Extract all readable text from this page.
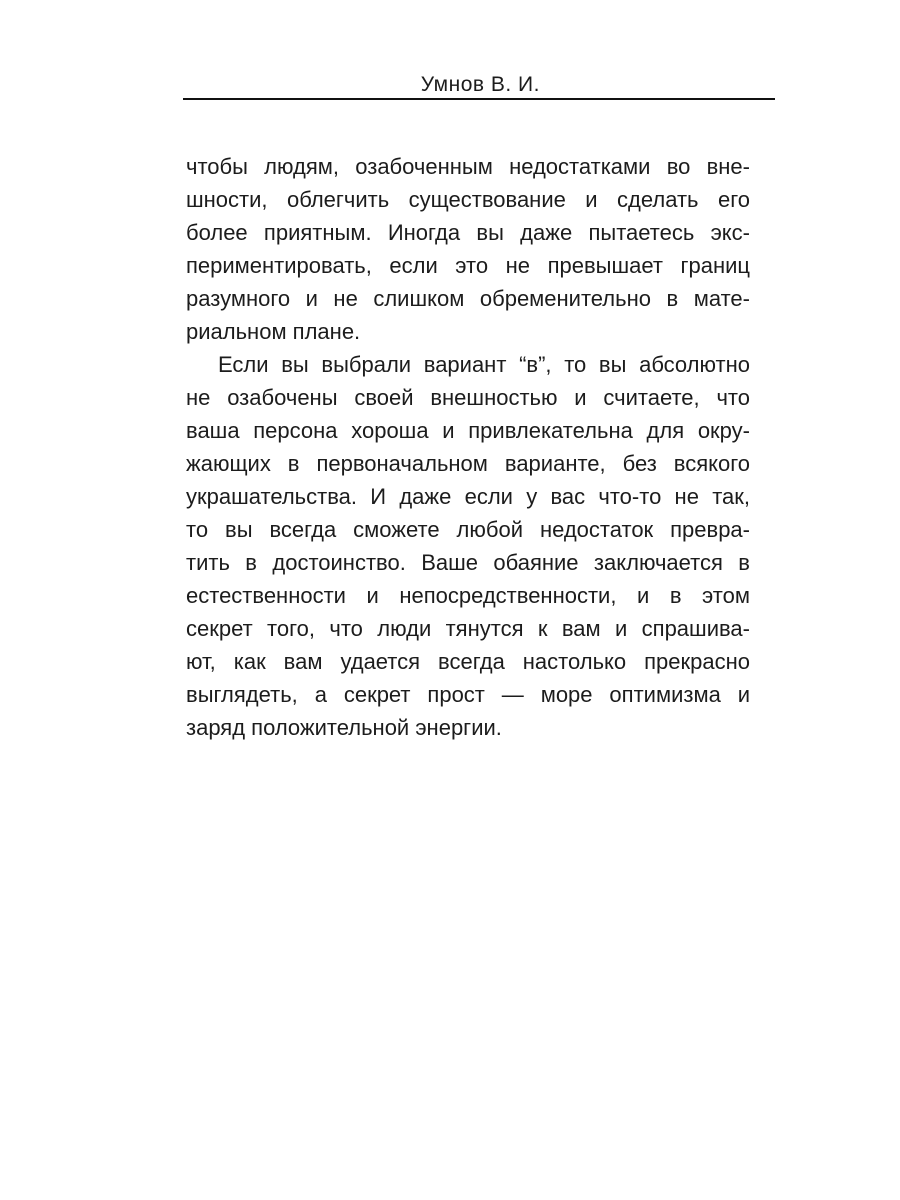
Умнов В. И.
чтобы людям, озабоченным недостатками во вне-
шности, облегчить существование и сделать его
более приятным. Иногда вы даже пытаетесь экс-
периментировать, если это не превышает границ
разумного и не слишком обременительно в мате-
риальном плане.
Если вы выбрали вариант “в”, то вы абсолютно
не озабочены своей внешностью и считаете, что
ваша персона хороша и привлекательна для окру-
жающих в первоначальном варианте, без всякого
украшательства. И даже если у вас что-то не так,
то вы всегда сможете любой недостаток превра-
тить в достоинство. Ваше обаяние заключается в
естественности и непосредственности, и в этом
секрет того, что люди тянутся к вам и спрашива-
ют, как вам удается всегда настолько прекрасно
выглядеть, а секрет прост — море оптимизма и
заряд положительной энергии.
